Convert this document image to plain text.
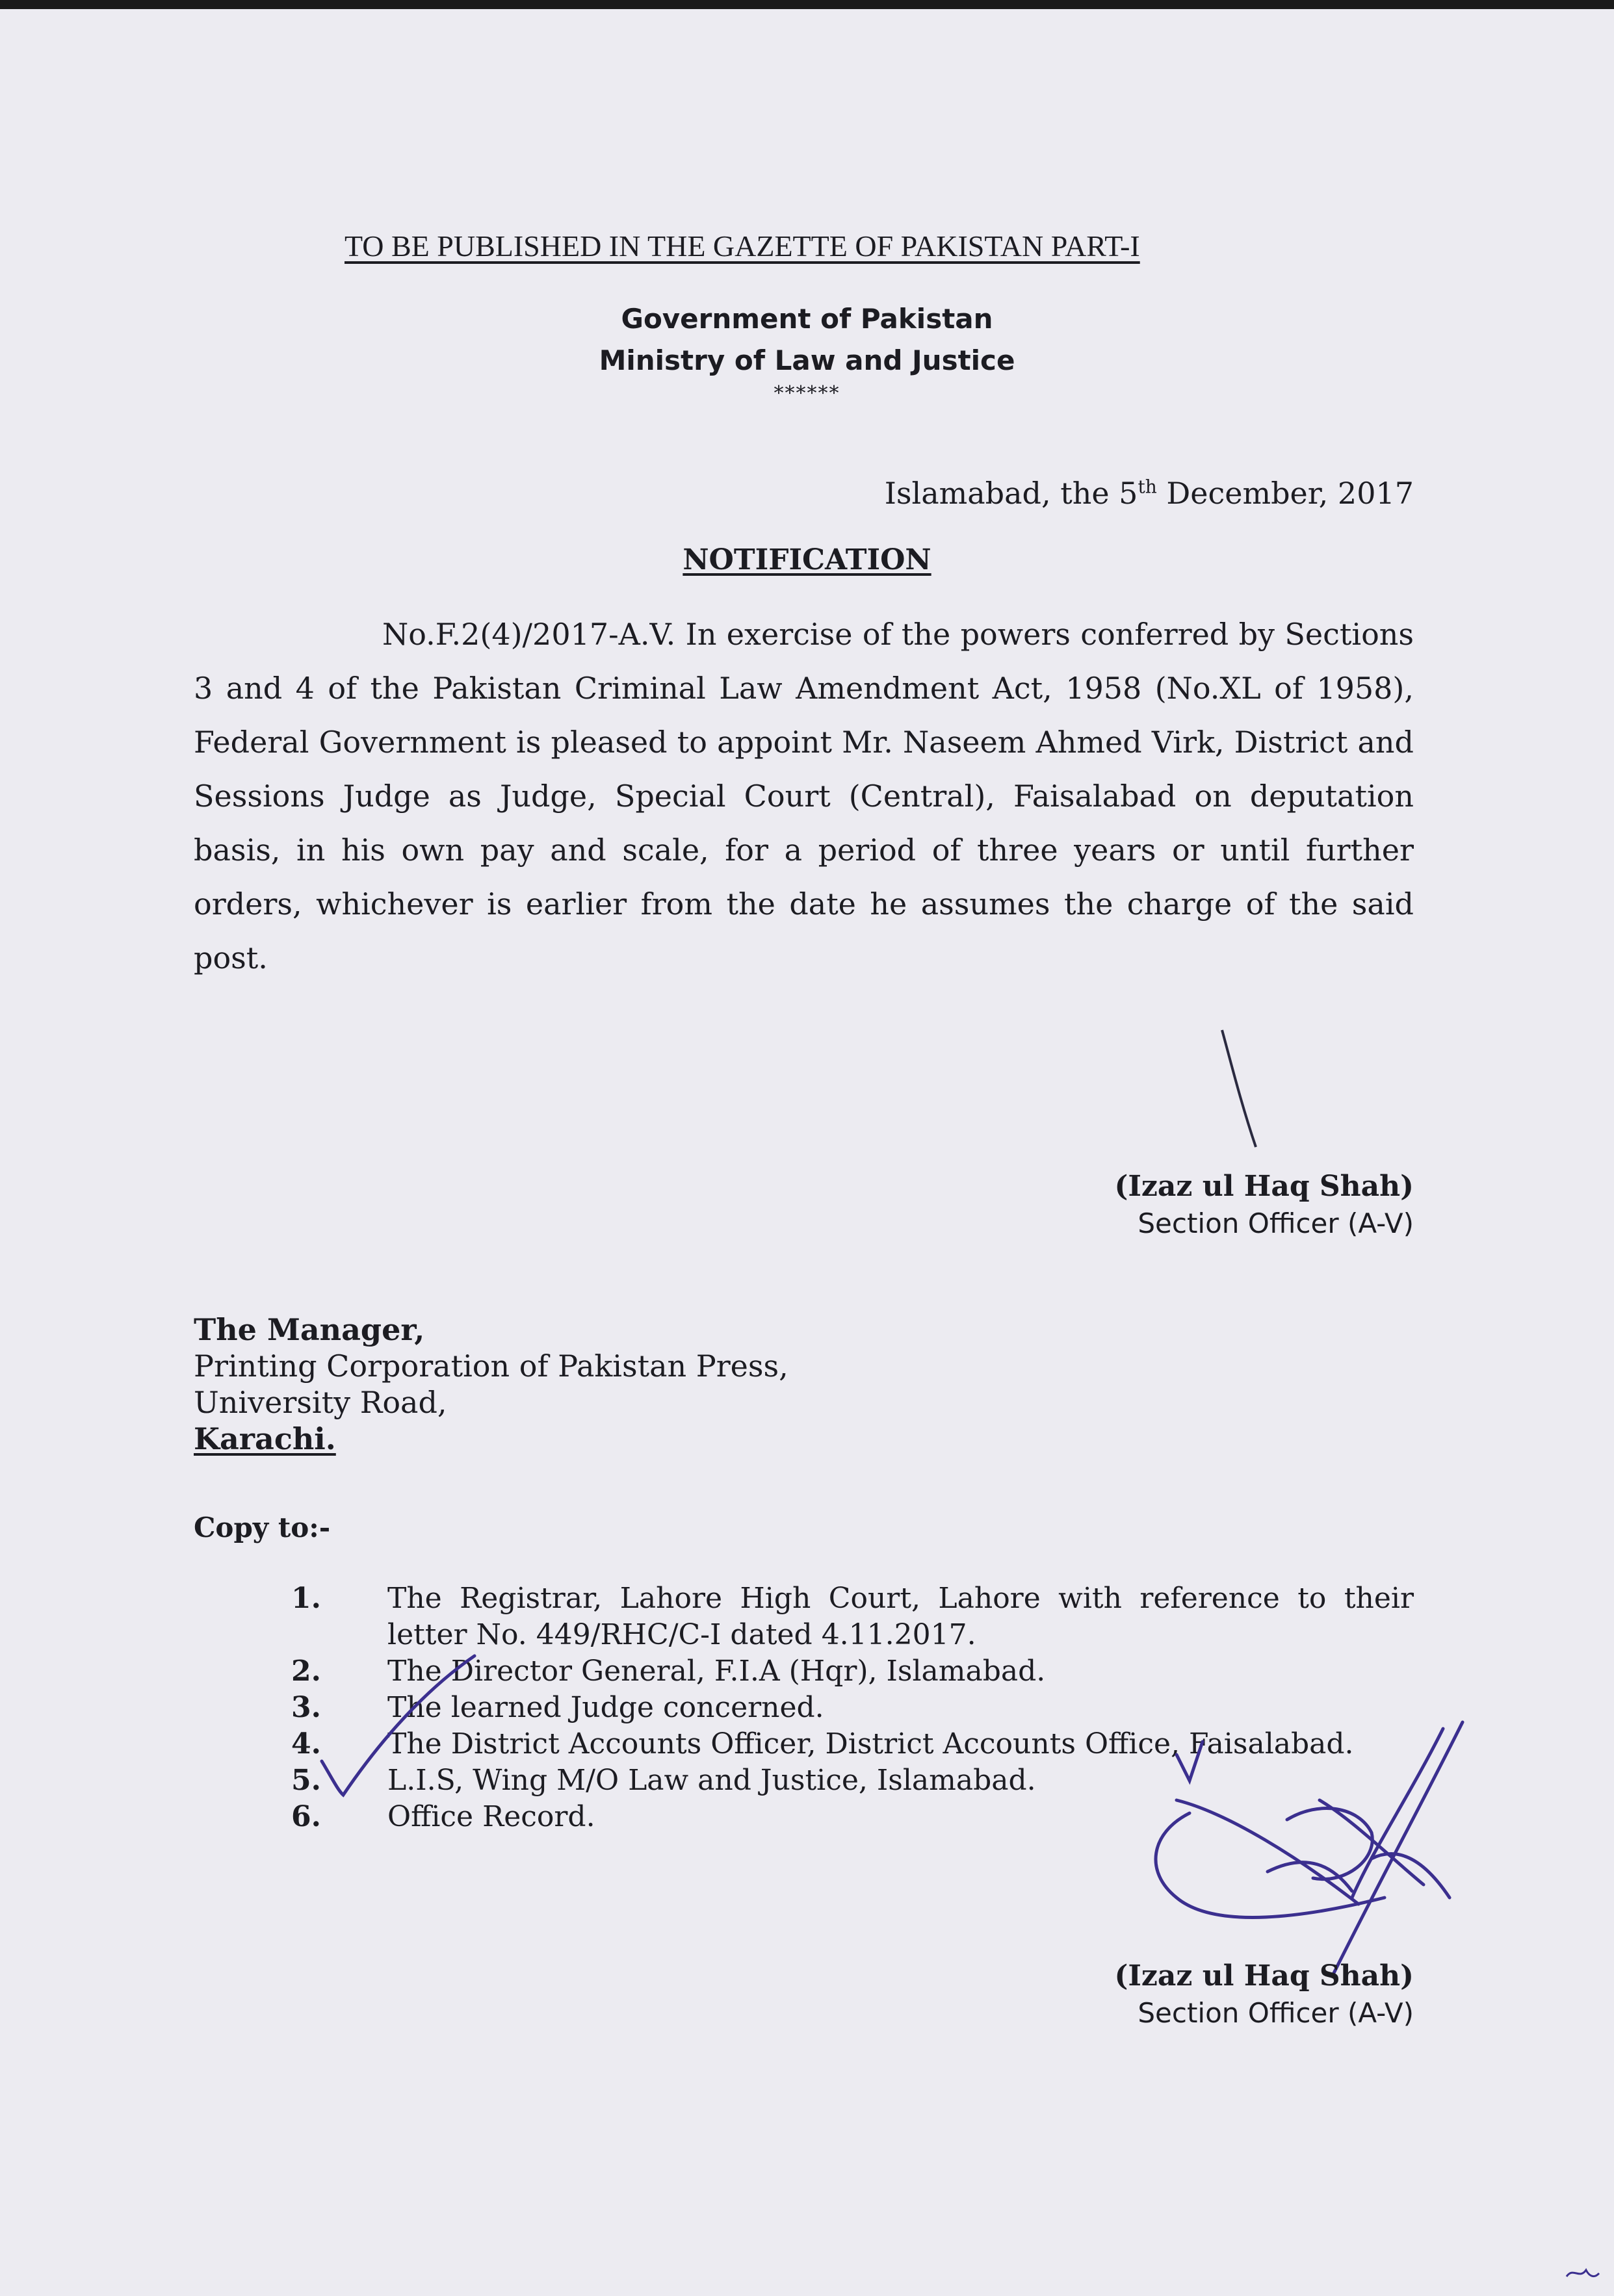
TO BE PUBLISHED IN THE GAZETTE OF PAKISTAN PART-I
Government of Pakistan
Ministry of Law and Justice
******
Islamabad, the 5th December, 2017
NOTIFICATION
No.F.2(4)/2017-A.V. In exercise of the powers conferred by Sections 3 and 4 of the Pakistan Criminal Law Amendment Act, 1958 (No.XL of 1958), Federal Government is pleased to appoint Mr. Naseem Ahmed Virk, District and Sessions Judge as Judge, Special Court (Central), Faisalabad on deputation basis, in his own pay and scale, for a period of three years or until further orders, whichever is earlier from the date he assumes the charge of the said post.
(Izaz ul Haq Shah)
Section Officer (A-V)
The Manager,
Printing Corporation of Pakistan Press,
University Road,
Karachi.
Copy to:-
1.	The Registrar, Lahore High Court, Lahore with reference to their letter No. 449/RHC/C-I dated 4.11.2017.
2.	The Director General, F.I.A (Hqr), Islamabad.
3.	The learned Judge concerned.
4.	The District Accounts Officer, District Accounts Office, Faisalabad.
5.	L.I.S, Wing M/O Law and Justice, Islamabad.
6.	Office Record.
(Izaz ul Haq Shah)
Section Officer (A-V)
